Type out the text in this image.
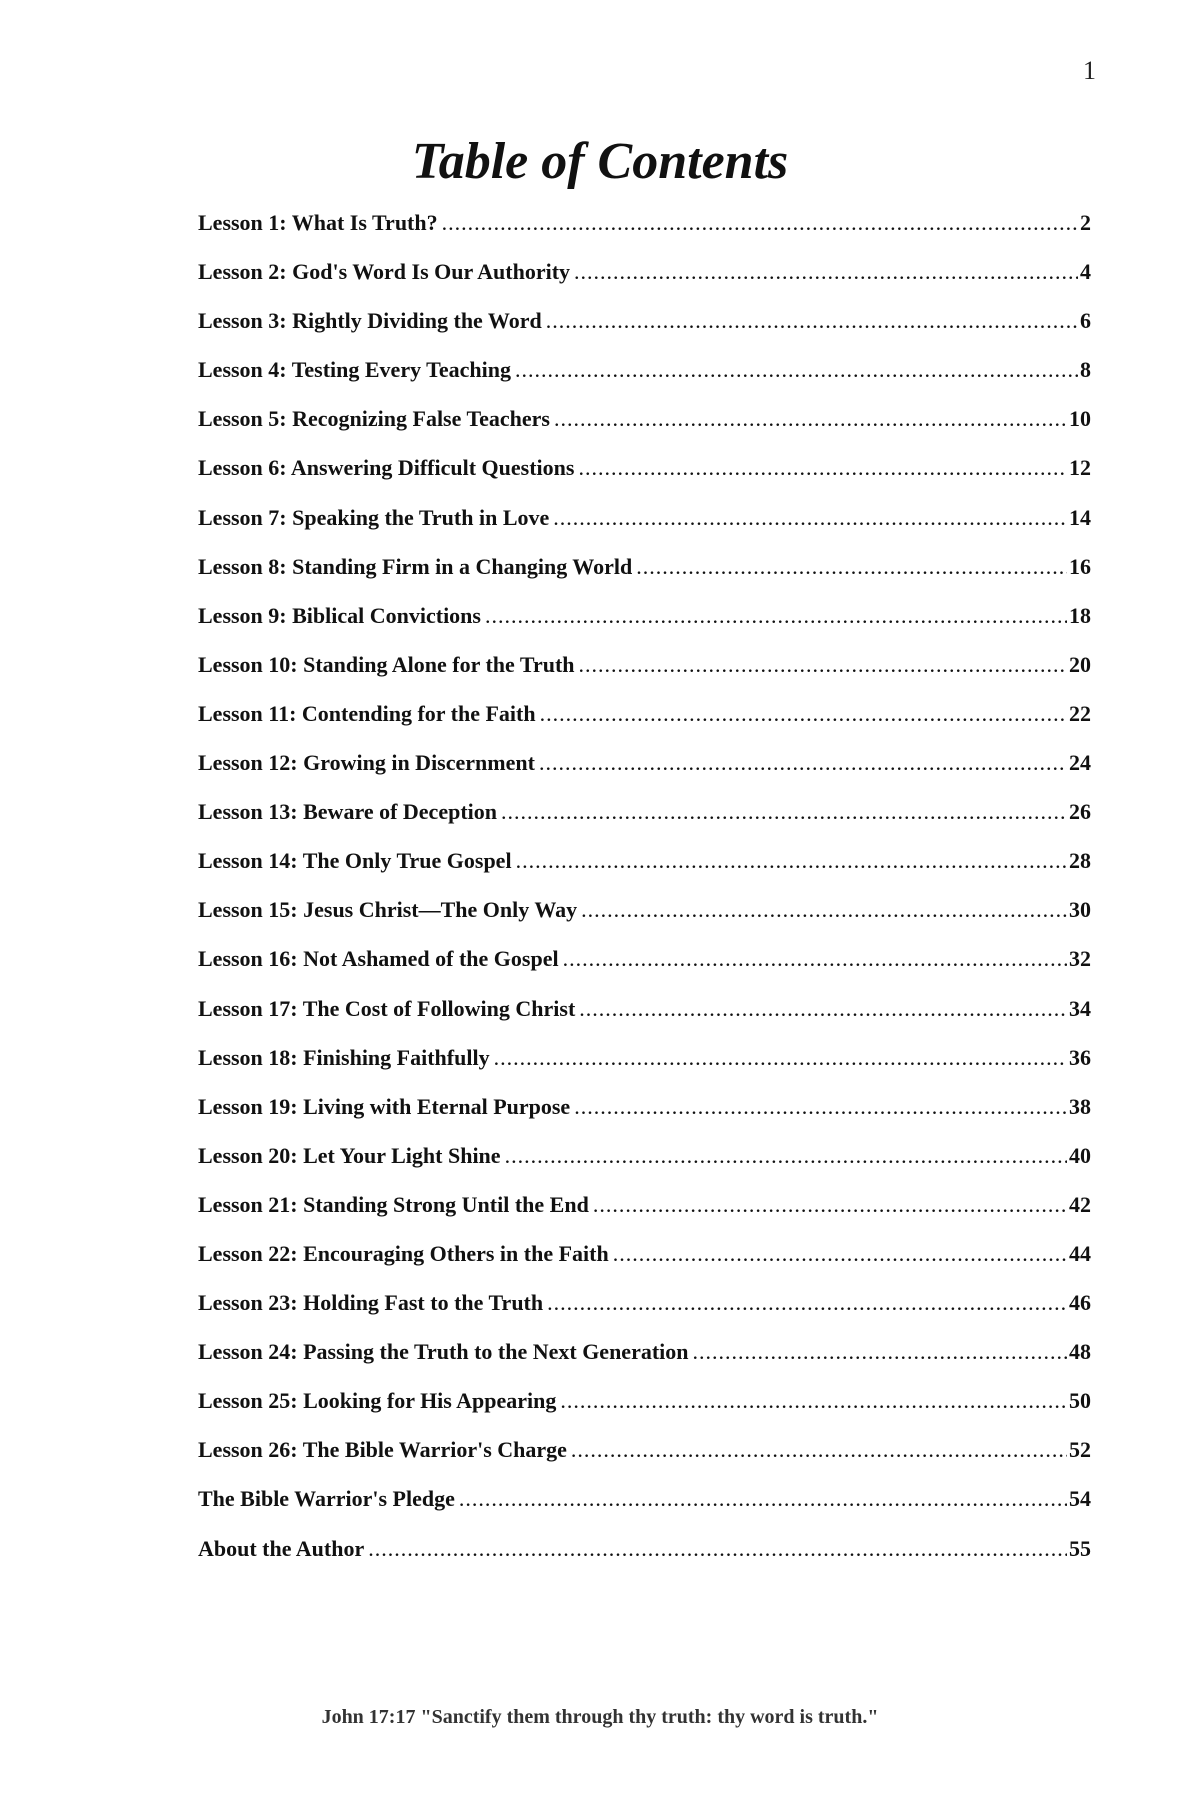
1
Table of Contents
Lesson 1: What Is Truth? .....	2
Lesson 2: God's Word Is Our Authority .....	4
Lesson 3: Rightly Dividing the Word .....	6
Lesson 4: Testing Every Teaching .....	8
Lesson 5: Recognizing False Teachers .....	10
Lesson 6: Answering Difficult Questions .....	12
Lesson 7: Speaking the Truth in Love .....	14
Lesson 8: Standing Firm in a Changing World .....	16
Lesson 9: Biblical Convictions .....	18
Lesson 10: Standing Alone for the Truth .....	20
Lesson 11: Contending for the Faith .....	22
Lesson 12: Growing in Discernment .....	24
Lesson 13: Beware of Deception .....	26
Lesson 14: The Only True Gospel .....	28
Lesson 15: Jesus Christ—The Only Way .....	30
Lesson 16: Not Ashamed of the Gospel .....	32
Lesson 17: The Cost of Following Christ .....	34
Lesson 18: Finishing Faithfully .....	36
Lesson 19: Living with Eternal Purpose .....	38
Lesson 20: Let Your Light Shine .....	40
Lesson 21: Standing Strong Until the End .....	42
Lesson 22: Encouraging Others in the Faith .....	44
Lesson 23: Holding Fast to the Truth .....	46
Lesson 24: Passing the Truth to the Next Generation .....	48
Lesson 25: Looking for His Appearing .....	50
Lesson 26: The Bible Warrior's Charge .....	52
The Bible Warrior's Pledge .....	54
About the Author .....	55
John 17:17 "Sanctify them through thy truth: thy word is truth."
